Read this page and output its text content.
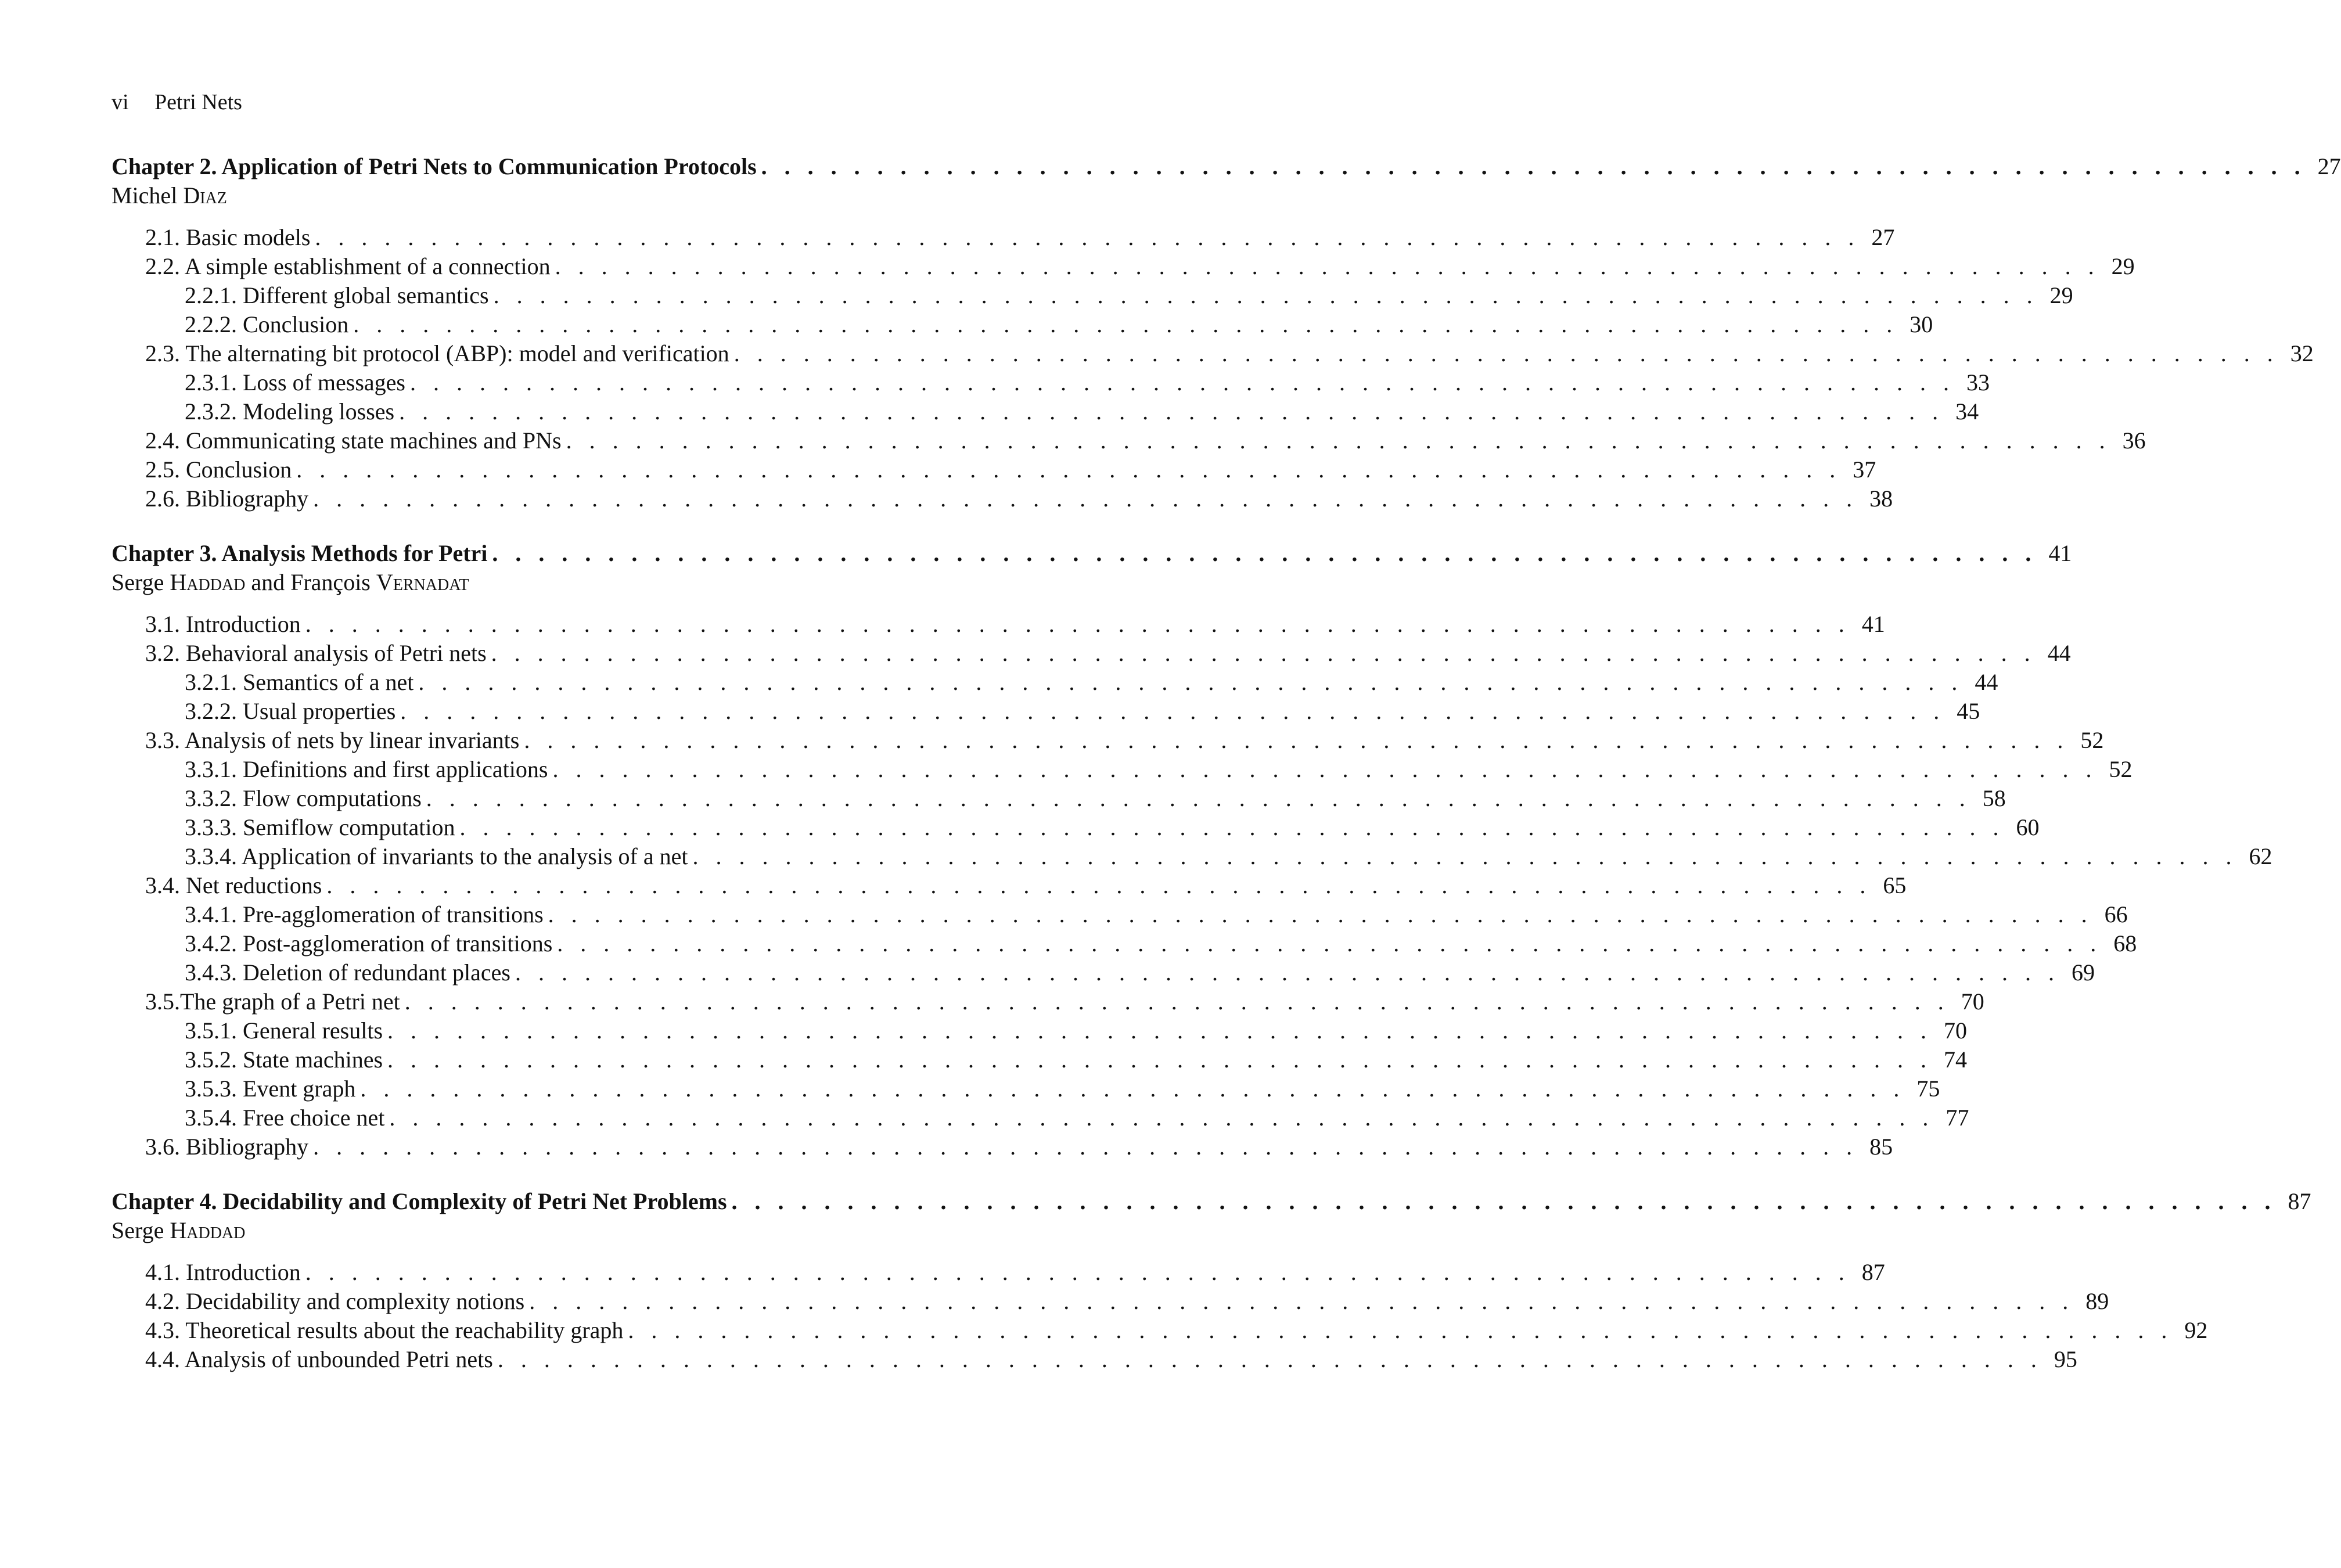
vi Petri Nets
Chapter 2. Application of Petri Nets to Communication Protocols . . . . . . . . . . . . . . . . . . . . . . . . . . . . . . . . . . . . . . . . . . . . . . . . . . . . . . . . . . . . . . . . . . . 27
Michel Diaz
2.1. Basic models . . . . . . . . . . . . . . . . . . . . . . . . . . . . . . . . . . . . . . . . . . . . . . . . . . . . . . . . . . . . . . . . . . . 27
2.2. A simple establishment of a connection . . . . . . . . . . . . . . . . . . . . . . . . . . . . . . . . . . . . . . . . . . . . . . . . . . . . . . . . . . . . . . . . . . . 29
2.2.1. Different global semantics . . . . . . . . . . . . . . . . . . . . . . . . . . . . . . . . . . . . . . . . . . . . . . . . . . . . . . . . . . . . . . . . . . . 29
2.2.2. Conclusion . . . . . . . . . . . . . . . . . . . . . . . . . . . . . . . . . . . . . . . . . . . . . . . . . . . . . . . . . . . . . . . . . . . 30
2.3. The alternating bit protocol (ABP): model and verification . . . . . . . . . . . . . . . . . . . . . . . . . . . . . . . . . . . . . . . . . . . . . . . . . . . . . . . . . . . . . . . . . . . 32
2.3.1. Loss of messages . . . . . . . . . . . . . . . . . . . . . . . . . . . . . . . . . . . . . . . . . . . . . . . . . . . . . . . . . . . . . . . . . . . 33
2.3.2. Modeling losses . . . . . . . . . . . . . . . . . . . . . . . . . . . . . . . . . . . . . . . . . . . . . . . . . . . . . . . . . . . . . . . . . . . 34
2.4. Communicating state machines and PNs . . . . . . . . . . . . . . . . . . . . . . . . . . . . . . . . . . . . . . . . . . . . . . . . . . . . . . . . . . . . . . . . . . . 36
2.5. Conclusion . . . . . . . . . . . . . . . . . . . . . . . . . . . . . . . . . . . . . . . . . . . . . . . . . . . . . . . . . . . . . . . . . . . 37
2.6. Bibliography . . . . . . . . . . . . . . . . . . . . . . . . . . . . . . . . . . . . . . . . . . . . . . . . . . . . . . . . . . . . . . . . . . . 38
Chapter 3. Analysis Methods for Petri . . . . . . . . . . . . . . . . . . . . . . . . . . . . . . . . . . . . . . . . . . . . . . . . . . . . . . . . . . . . . . . . . . . 41
Serge Haddad and François Vernadat
3.1. Introduction . . . . . . . . . . . . . . . . . . . . . . . . . . . . . . . . . . . . . . . . . . . . . . . . . . . . . . . . . . . . . . . . . . . 41
3.2. Behavioral analysis of Petri nets . . . . . . . . . . . . . . . . . . . . . . . . . . . . . . . . . . . . . . . . . . . . . . . . . . . . . . . . . . . . . . . . . . . 44
3.2.1. Semantics of a net . . . . . . . . . . . . . . . . . . . . . . . . . . . . . . . . . . . . . . . . . . . . . . . . . . . . . . . . . . . . . . . . . . . 44
3.2.2. Usual properties . . . . . . . . . . . . . . . . . . . . . . . . . . . . . . . . . . . . . . . . . . . . . . . . . . . . . . . . . . . . . . . . . . . 45
3.3. Analysis of nets by linear invariants . . . . . . . . . . . . . . . . . . . . . . . . . . . . . . . . . . . . . . . . . . . . . . . . . . . . . . . . . . . . . . . . . . . 52
3.3.1. Definitions and first applications . . . . . . . . . . . . . . . . . . . . . . . . . . . . . . . . . . . . . . . . . . . . . . . . . . . . . . . . . . . . . . . . . . . 52
3.3.2. Flow computations . . . . . . . . . . . . . . . . . . . . . . . . . . . . . . . . . . . . . . . . . . . . . . . . . . . . . . . . . . . . . . . . . . . 58
3.3.3. Semiflow computation . . . . . . . . . . . . . . . . . . . . . . . . . . . . . . . . . . . . . . . . . . . . . . . . . . . . . . . . . . . . . . . . . . . 60
3.3.4. Application of invariants to the analysis of a net . . . . . . . . . . . . . . . . . . . . . . . . . . . . . . . . . . . . . . . . . . . . . . . . . . . . . . . . . . . . . . . . . . . 62
3.4. Net reductions . . . . . . . . . . . . . . . . . . . . . . . . . . . . . . . . . . . . . . . . . . . . . . . . . . . . . . . . . . . . . . . . . . . 65
3.4.1. Pre-agglomeration of transitions . . . . . . . . . . . . . . . . . . . . . . . . . . . . . . . . . . . . . . . . . . . . . . . . . . . . . . . . . . . . . . . . . . . 66
3.4.2. Post-agglomeration of transitions . . . . . . . . . . . . . . . . . . . . . . . . . . . . . . . . . . . . . . . . . . . . . . . . . . . . . . . . . . . . . . . . . . . 68
3.4.3. Deletion of redundant places . . . . . . . . . . . . . . . . . . . . . . . . . . . . . . . . . . . . . . . . . . . . . . . . . . . . . . . . . . . . . . . . . . . 69
3.5.The graph of a Petri net . . . . . . . . . . . . . . . . . . . . . . . . . . . . . . . . . . . . . . . . . . . . . . . . . . . . . . . . . . . . . . . . . . . 70
3.5.1. General results . . . . . . . . . . . . . . . . . . . . . . . . . . . . . . . . . . . . . . . . . . . . . . . . . . . . . . . . . . . . . . . . . . . 70
3.5.2. State machines . . . . . . . . . . . . . . . . . . . . . . . . . . . . . . . . . . . . . . . . . . . . . . . . . . . . . . . . . . . . . . . . . . . 74
3.5.3. Event graph . . . . . . . . . . . . . . . . . . . . . . . . . . . . . . . . . . . . . . . . . . . . . . . . . . . . . . . . . . . . . . . . . . . 75
3.5.4. Free choice net . . . . . . . . . . . . . . . . . . . . . . . . . . . . . . . . . . . . . . . . . . . . . . . . . . . . . . . . . . . . . . . . . . . 77
3.6. Bibliography . . . . . . . . . . . . . . . . . . . . . . . . . . . . . . . . . . . . . . . . . . . . . . . . . . . . . . . . . . . . . . . . . . . 85
Chapter 4. Decidability and Complexity of Petri Net Problems . . . . . . . . . . . . . . . . . . . . . . . . . . . . . . . . . . . . . . . . . . . . . . . . . . . . . . . . . . . . . . . . . . . 87
Serge Haddad
4.1. Introduction . . . . . . . . . . . . . . . . . . . . . . . . . . . . . . . . . . . . . . . . . . . . . . . . . . . . . . . . . . . . . . . . . . . 87
4.2. Decidability and complexity notions . . . . . . . . . . . . . . . . . . . . . . . . . . . . . . . . . . . . . . . . . . . . . . . . . . . . . . . . . . . . . . . . . . . 89
4.3. Theoretical results about the reachability graph . . . . . . . . . . . . . . . . . . . . . . . . . . . . . . . . . . . . . . . . . . . . . . . . . . . . . . . . . . . . . . . . . . . 92
4.4. Analysis of unbounded Petri nets . . . . . . . . . . . . . . . . . . . . . . . . . . . . . . . . . . . . . . . . . . . . . . . . . . . . . . . . . . . . . . . . . . . 95
